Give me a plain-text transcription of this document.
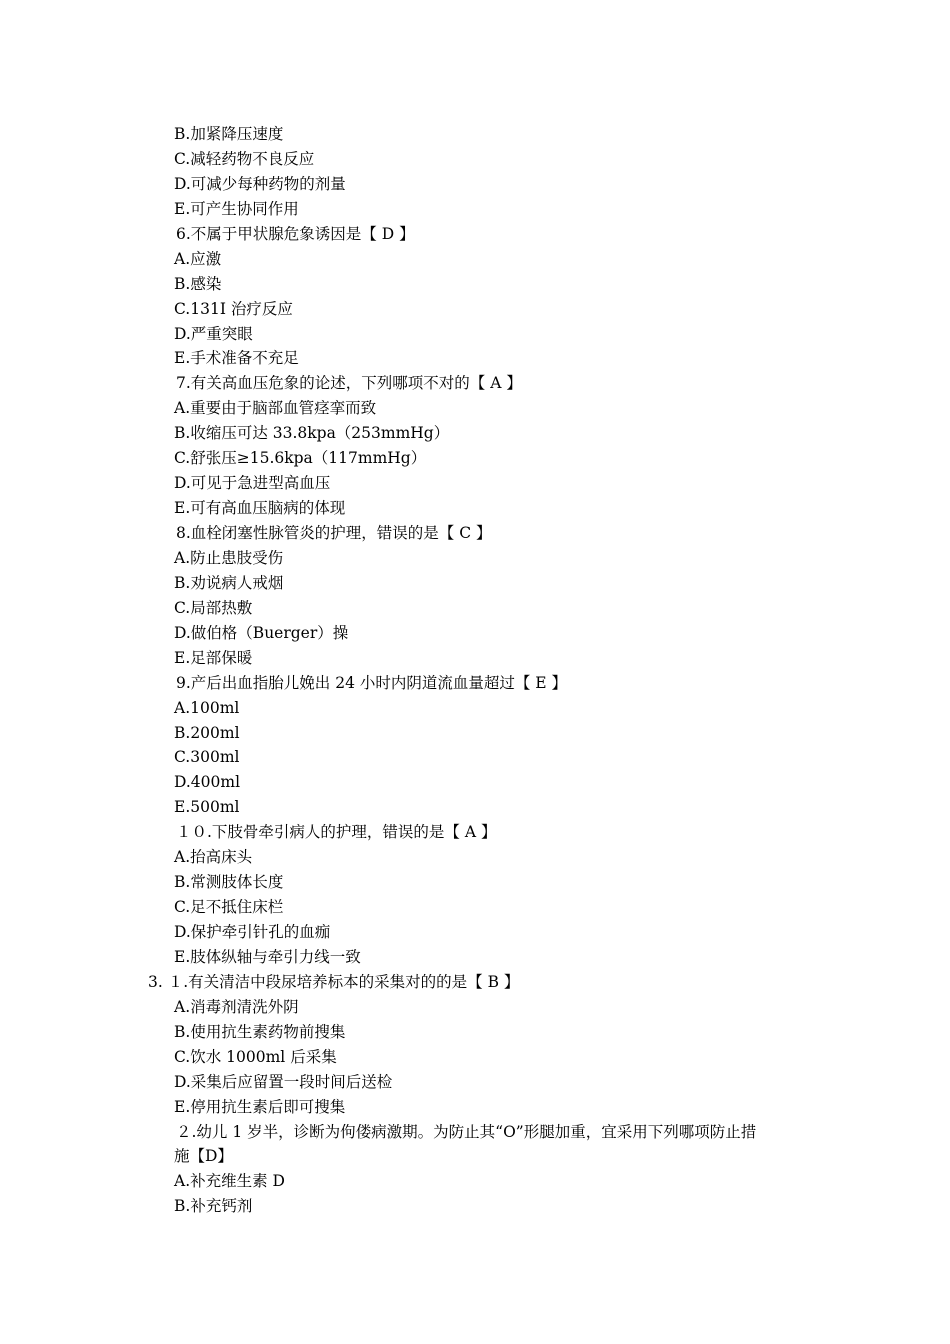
B.加紧降压速度
C.减轻药物不良反应
D.可减少每种药物的剂量
E.可产生协同作用
6.不属于甲状腺危象诱因是【 D 】
A.应激
B.感染
C.131I 治疗反应
D.严重突眼
E.手术准备不充足
7.有关高血压危象的论述，下列哪项不对的【 A 】
A.重要由于脑部血管痉挛而致
B.收缩压可达 33.8kpa（253mmHg）
C.舒张压≥15.6kpa（117mmHg）
D.可见于急进型高血压
E.可有高血压脑病的体现
8.血栓闭塞性脉管炎的护理，错误的是【 C 】
A.防止患肢受伤
B.劝说病人戒烟
C.局部热敷
D.做伯格（Buerger）操
E.足部保暖
9.产后出血指胎儿娩出 24 小时内阴道流血量超过【 E 】
A.100ml
B.200ml
C.300ml
D.400ml
E.500ml
１０.下肢骨牵引病人的护理，错误的是【 A 】
A.抬高床头
B.常测肢体长度
C.足不抵住床栏
D.保护牵引针孔的血痂
E.肢体纵轴与牵引力线一致
3. １.有关清洁中段尿培养标本的采集对的的是【 B 】
A.消毒剂清洗外阴
B.使用抗生素药物前搜集
C.饮水 1000ml 后采集
D.采集后应留置一段时间后送检
E.停用抗生素后即可搜集
２.幼儿 1 岁半，诊断为佝偻病激期。为防止其“O”形腿加重，宜采用下列哪项防止措
施【D】
A.补充维生素 D
B.补充钙剂
